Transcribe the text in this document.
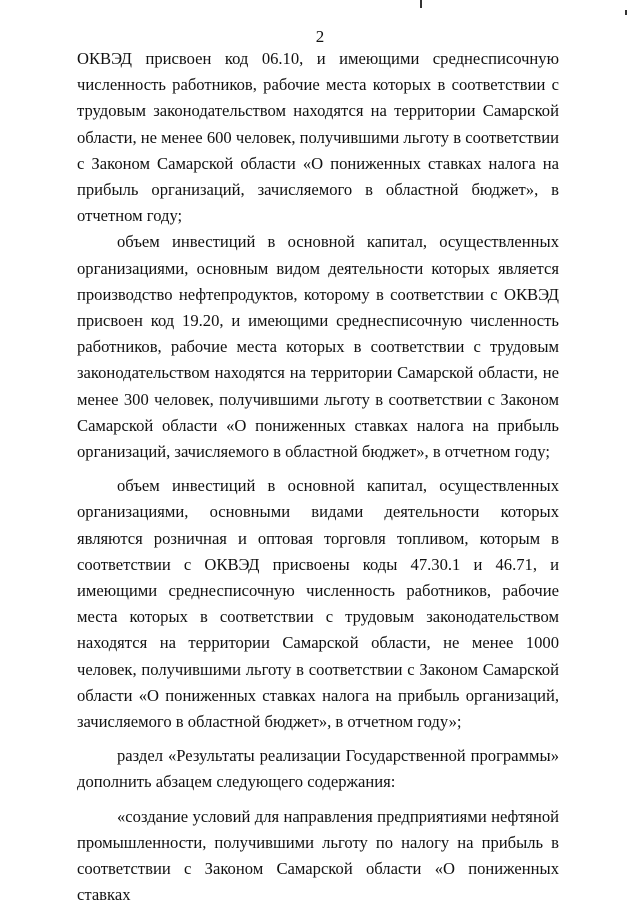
2

ОКВЭД присвоен код 06.10, и имеющими среднесписочную численность работников, рабочие места которых в соответствии с трудовым законодательством находятся на территории Самарской области, не менее 600 человек, получившими льготу в соответствии с Законом Самарской области «О пониженных ставках налога на прибыль организаций, зачисляемого в областной бюджет», в отчетном году;

объем инвестиций в основной капитал, осуществленных организациями, основным видом деятельности которых является производство нефтепродуктов, которому в соответствии с ОКВЭД присвоен код 19.20, и имеющими среднесписочную численность работников, рабочие места которых в соответствии с трудовым законодательством находятся на территории Самарской области, не менее 300 человек, получившими льготу в соответствии с Законом Самарской области «О пониженных ставках налога на прибыль организаций, зачисляемого в областной бюджет», в отчетном году;

объем инвестиций в основной капитал, осуществленных организациями, основными видами деятельности которых являются розничная и оптовая торговля топливом, которым в соответствии с ОКВЭД присвоены коды 47.30.1 и 46.71, и имеющими среднесписочную численность работников, рабочие места которых в соответствии с трудовым законодательством находятся на территории Самарской области, не менее 1000 человек, получившими льготу в соответствии с Законом Самарской области «О пониженных ставках налога на прибыль организаций, зачисляемого в областной бюджет», в отчетном году»;

раздел «Результаты реализации Государственной программы» дополнить абзацем следующего содержания:

«создание условий для направления предприятиями нефтяной промышленности, получившими льготу по налогу на прибыль в соответствии с Законом Самарской области «О пониженных ставках
